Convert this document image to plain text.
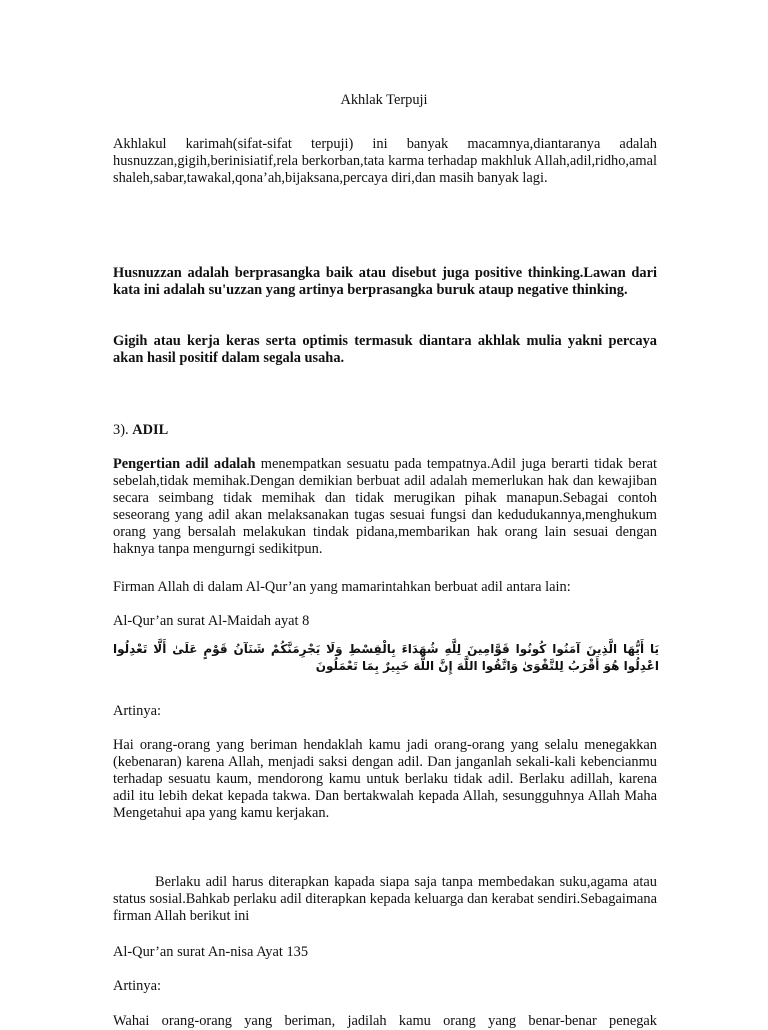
Akhlak Terpuji
Akhlakul karimah(sifat-sifat terpuji) ini banyak macamnya,diantaranya adalah husnuzzan,gigih,berinisiatif,rela berkorban,tata karma terhadap makhluk Allah,adil,ridho,amal shaleh,sabar,tawakal,qona’ah,bijaksana,percaya diri,dan masih banyak lagi.
Husnuzzan adalah berprasangka baik atau disebut juga positive thinking.Lawan dari kata ini adalah su'uzzan yang artinya berprasangka buruk ataup negative thinking.
Gigih atau kerja keras serta optimis termasuk diantara akhlak mulia yakni percaya akan hasil positif dalam segala usaha.
3). ADIL
Pengertian adil adalah menempatkan sesuatu pada tempatnya.Adil juga berarti tidak berat sebelah,tidak memihak.Dengan demikian berbuat adil adalah memerlukan hak dan kewajiban secara seimbang tidak memihak dan tidak merugikan pihak manapun.Sebagai contoh seseorang yang adil akan melaksanakan tugas sesuai fungsi dan kedudukannya,menghukum orang yang bersalah melakukan tindak pidana,membarikan hak orang lain sesuai dengan haknya tanpa mengurngi sedikitpun.
Firman Allah di dalam Al-Qur’an yang mamarintahkan berbuat adil antara lain:
Al-Qur’an surat Al-Maidah ayat 8
يَا أَيُّهَا الَّذِينَ آمَنُوا كُونُوا قَوَّامِينَ لِلَّهِ شُهَدَاءَ بِالْقِسْطِ وَلَا يَجْرِمَنَّكُمْ شَنَآنُ قَوْمٍ عَلَىٰ أَلَّا تَعْدِلُوا اعْدِلُوا هُوَ أَقْرَبُ لِلتَّقْوَىٰ وَاتَّقُوا اللَّهَ إِنَّ اللَّهَ خَبِيرٌ بِمَا تَعْمَلُونَ
Artinya:
Hai orang-orang yang beriman hendaklah kamu jadi orang-orang yang selalu menegakkan (kebenaran) karena Allah, menjadi saksi dengan adil. Dan janganlah sekali-kali kebencianmu terhadap sesuatu kaum, mendorong kamu untuk berlaku tidak adil. Berlaku adillah, karena adil itu lebih dekat kepada takwa. Dan bertakwalah kepada Allah, sesungguhnya Allah Maha Mengetahui apa yang kamu kerjakan.
Berlaku adil harus diterapkan kapada siapa saja tanpa membedakan suku,agama atau status sosial.Bahkab perlaku adil diterapkan kepada keluarga dan kerabat sendiri.Sebagaimana firman Allah berikut ini
Al-Qur’an surat An-nisa Ayat 135
Artinya:
Wahai orang-orang yang beriman, jadilah kamu orang yang benar-benar penegak
